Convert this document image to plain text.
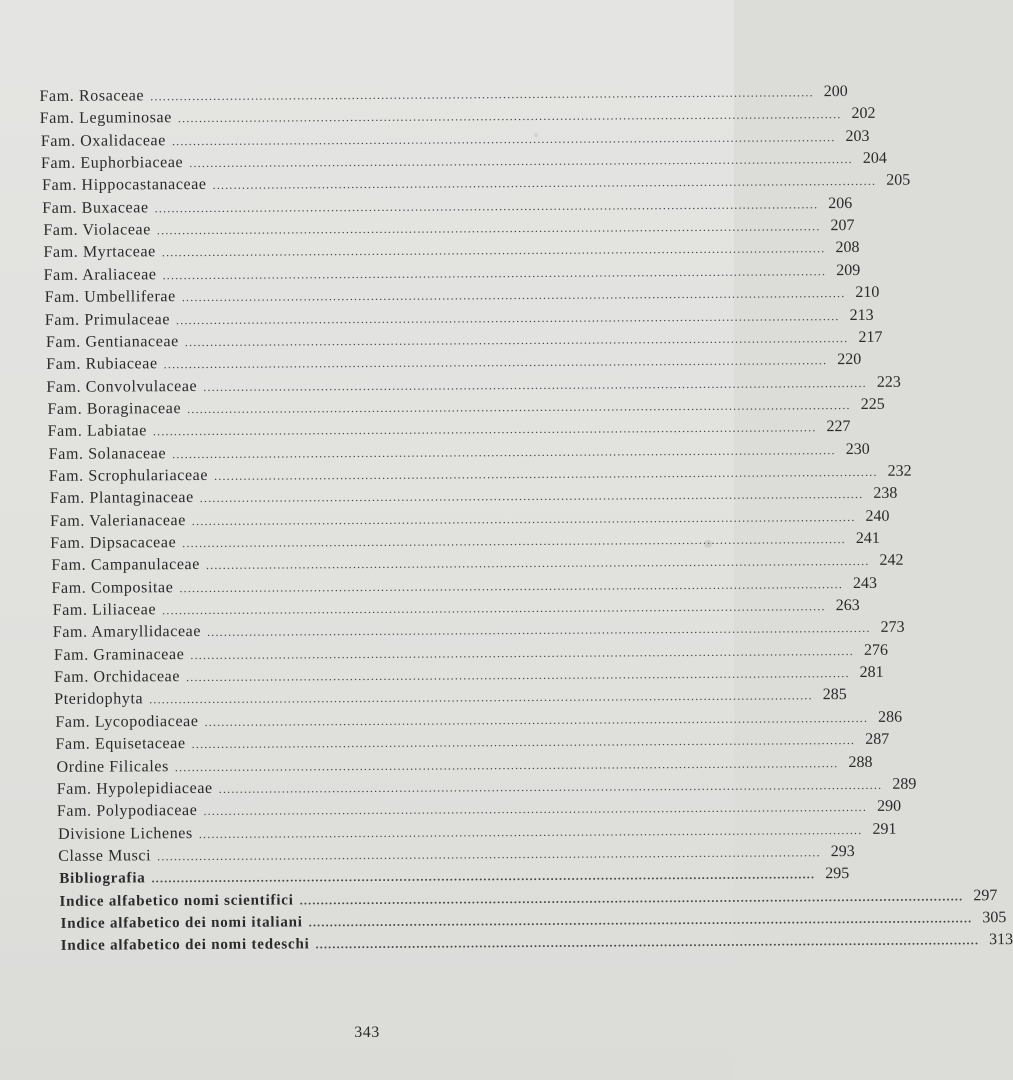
Fam. Rosaceae .............................................................................................................................................................. 200
Fam. Leguminosae .............................................................................................................................................................. 202
Fam. Oxalidaceae .............................................................................................................................................................. 203
Fam. Euphorbiaceae .............................................................................................................................................................. 204
Fam. Hippocastanaceae .............................................................................................................................................................. 205
Fam. Buxaceae .............................................................................................................................................................. 206
Fam. Violaceae .............................................................................................................................................................. 207
Fam. Myrtaceae .............................................................................................................................................................. 208
Fam. Araliaceae .............................................................................................................................................................. 209
Fam. Umbelliferae .............................................................................................................................................................. 210
Fam. Primulaceae .............................................................................................................................................................. 213
Fam. Gentianaceae .............................................................................................................................................................. 217
Fam. Rubiaceae .............................................................................................................................................................. 220
Fam. Convolvulaceae .............................................................................................................................................................. 223
Fam. Boraginaceae .............................................................................................................................................................. 225
Fam. Labiatae .............................................................................................................................................................. 227
Fam. Solanaceae .............................................................................................................................................................. 230
Fam. Scrophulariaceae .............................................................................................................................................................. 232
Fam. Plantaginaceae .............................................................................................................................................................. 238
Fam. Valerianaceae .............................................................................................................................................................. 240
Fam. Dipsacaceae .............................................................................................................................................................. 241
Fam. Campanulaceae .............................................................................................................................................................. 242
Fam. Compositae .............................................................................................................................................................. 243
Fam. Liliaceae .............................................................................................................................................................. 263
Fam. Amaryllidaceae .............................................................................................................................................................. 273
Fam. Graminaceae .............................................................................................................................................................. 276
Fam. Orchidaceae .............................................................................................................................................................. 281
Pteridophyta .............................................................................................................................................................. 285
Fam. Lycopodiaceae .............................................................................................................................................................. 286
Fam. Equisetaceae .............................................................................................................................................................. 287
Ordine Filicales .............................................................................................................................................................. 288
Fam. Hypolepidiaceae .............................................................................................................................................................. 289
Fam. Polypodiaceae .............................................................................................................................................................. 290
Divisione Lichenes .............................................................................................................................................................. 291
Classe Musci .............................................................................................................................................................. 293
Bibliografia .............................................................................................................................................................. 295
Indice alfabetico nomi scientifici .............................................................................................................................................................. 297
Indice alfabetico dei nomi italiani .............................................................................................................................................................. 305
Indice alfabetico dei nomi tedeschi .............................................................................................................................................................. 313
343
